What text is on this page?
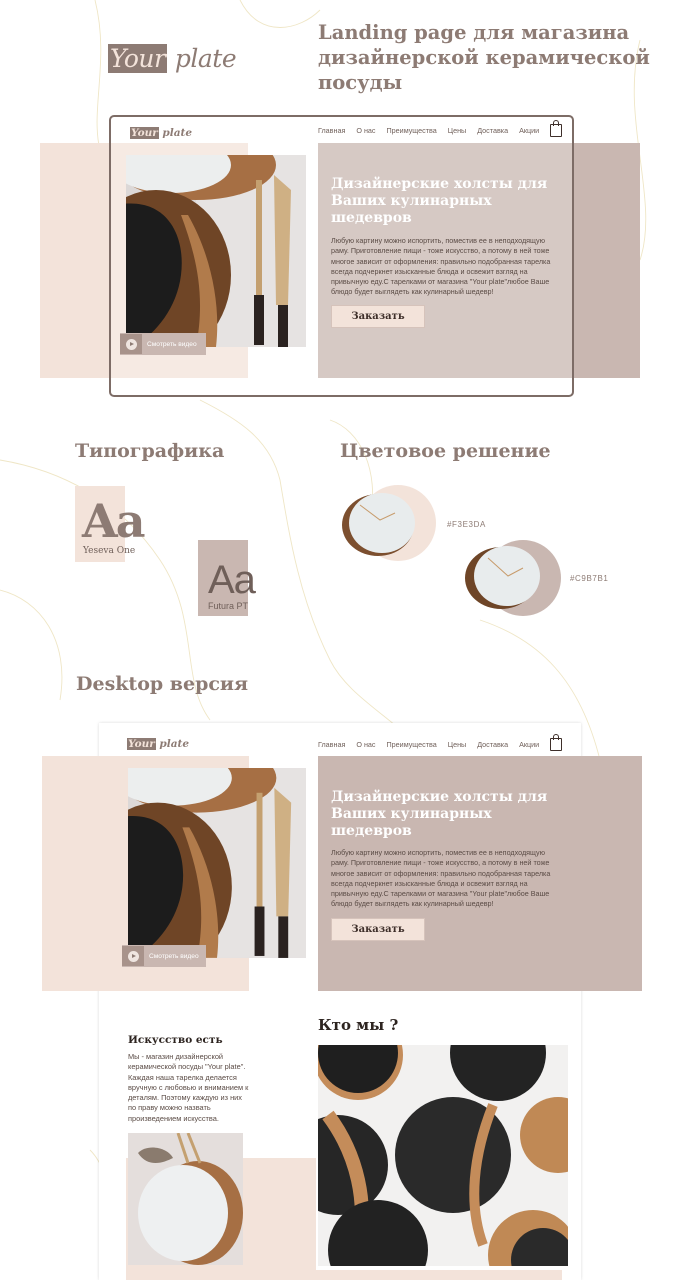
Your plate
Landing page для магазина дизайнерской керамической посуды
Your plate	Главная О нас Преимущества Цены Доставка Акции
Смотреть видео
Дизайнерские холсты для Ваших кулинарных шедевров
Любую картину можно испортить, поместив ее в неподходящую раму. Приготовление пищи - тоже искусство, а потому в ней тоже многое зависит от оформления: правильно подобранная тарелка всегда подчеркнет изысканные блюда и освежит взгляд на привычную еду.С тарелками от магазина "Your plate"любое Ваше блюдо будет выглядеть как кулинарный шедевр!
Заказать
Типографика
Aa
Yeseva One
Aa
Futura PT
Цветовое решение
#F3E3DA
#C9B7B1
Desktop версия
Your plate	Главная О нас Преимущества Цены Доставка Акции
Смотреть видео
Дизайнерские холсты для Ваших кулинарных шедевров
Любую картину можно испортить, поместив ее в неподходящую раму. Приготовление пищи - тоже искусство, а потому в ней тоже многое зависит от оформления: правильно подобранная тарелка всегда подчеркнет изысканные блюда и освежит взгляд на привычную еду.С тарелками от магазина "Your plate"любое Ваше блюдо будет выглядеть как кулинарный шедевр!
Заказать
Искусство есть
Мы - магазин дизайнерской керамической посуды "Your plate". Каждая наша тарелка делается вручную с любовью и вниманием к деталям. Поэтому каждую из них по праву можно назвать произведением искусства.
Кто мы ?
